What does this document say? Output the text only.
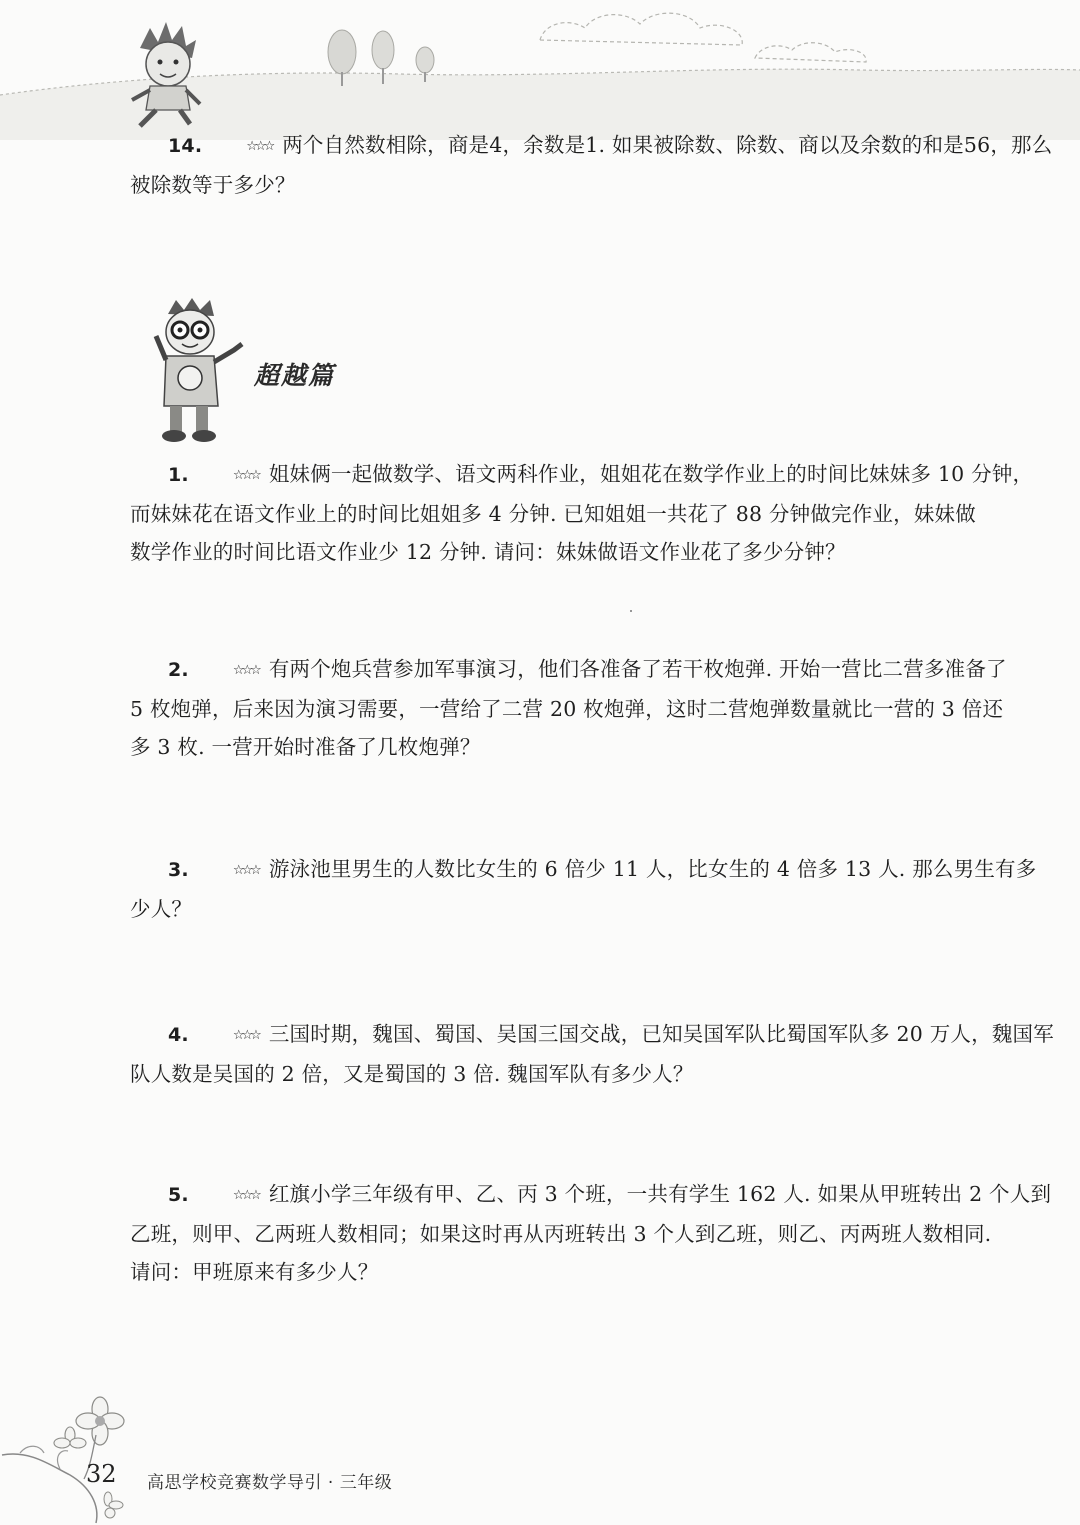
14.	☆☆☆ 两个自然数相除，商是4，余数是1. 如果被除数、除数、商以及余数的和是56，那么
被除数等于多少？
超越篇
1.	☆☆☆ 姐妹俩一起做数学、语文两科作业，姐姐花在数学作业上的时间比妹妹多 10 分钟，
而妹妹花在语文作业上的时间比姐姐多 4 分钟. 已知姐姐一共花了 88 分钟做完作业，妹妹做
数学作业的时间比语文作业少 12 分钟. 请问：妹妹做语文作业花了多少分钟？
2.	☆☆☆ 有两个炮兵营参加军事演习，他们各准备了若干枚炮弹. 开始一营比二营多准备了
5 枚炮弹，后来因为演习需要，一营给了二营 20 枚炮弹，这时二营炮弹数量就比一营的 3 倍还
多 3 枚. 一营开始时准备了几枚炮弹？
3.	☆☆☆ 游泳池里男生的人数比女生的 6 倍少 11 人，比女生的 4 倍多 13 人. 那么男生有多
少人？
4.	☆☆☆ 三国时期，魏国、蜀国、吴国三国交战，已知吴国军队比蜀国军队多 20 万人，魏国军
队人数是吴国的 2 倍，又是蜀国的 3 倍. 魏国军队有多少人？
5.	☆☆☆ 红旗小学三年级有甲、乙、丙 3 个班，一共有学生 162 人. 如果从甲班转出 2 个人到
乙班，则甲、乙两班人数相同；如果这时再从丙班转出 3 个人到乙班，则乙、丙两班人数相同.
请问：甲班原来有多少人？
32 高思学校竞赛数学导引 · 三年级
